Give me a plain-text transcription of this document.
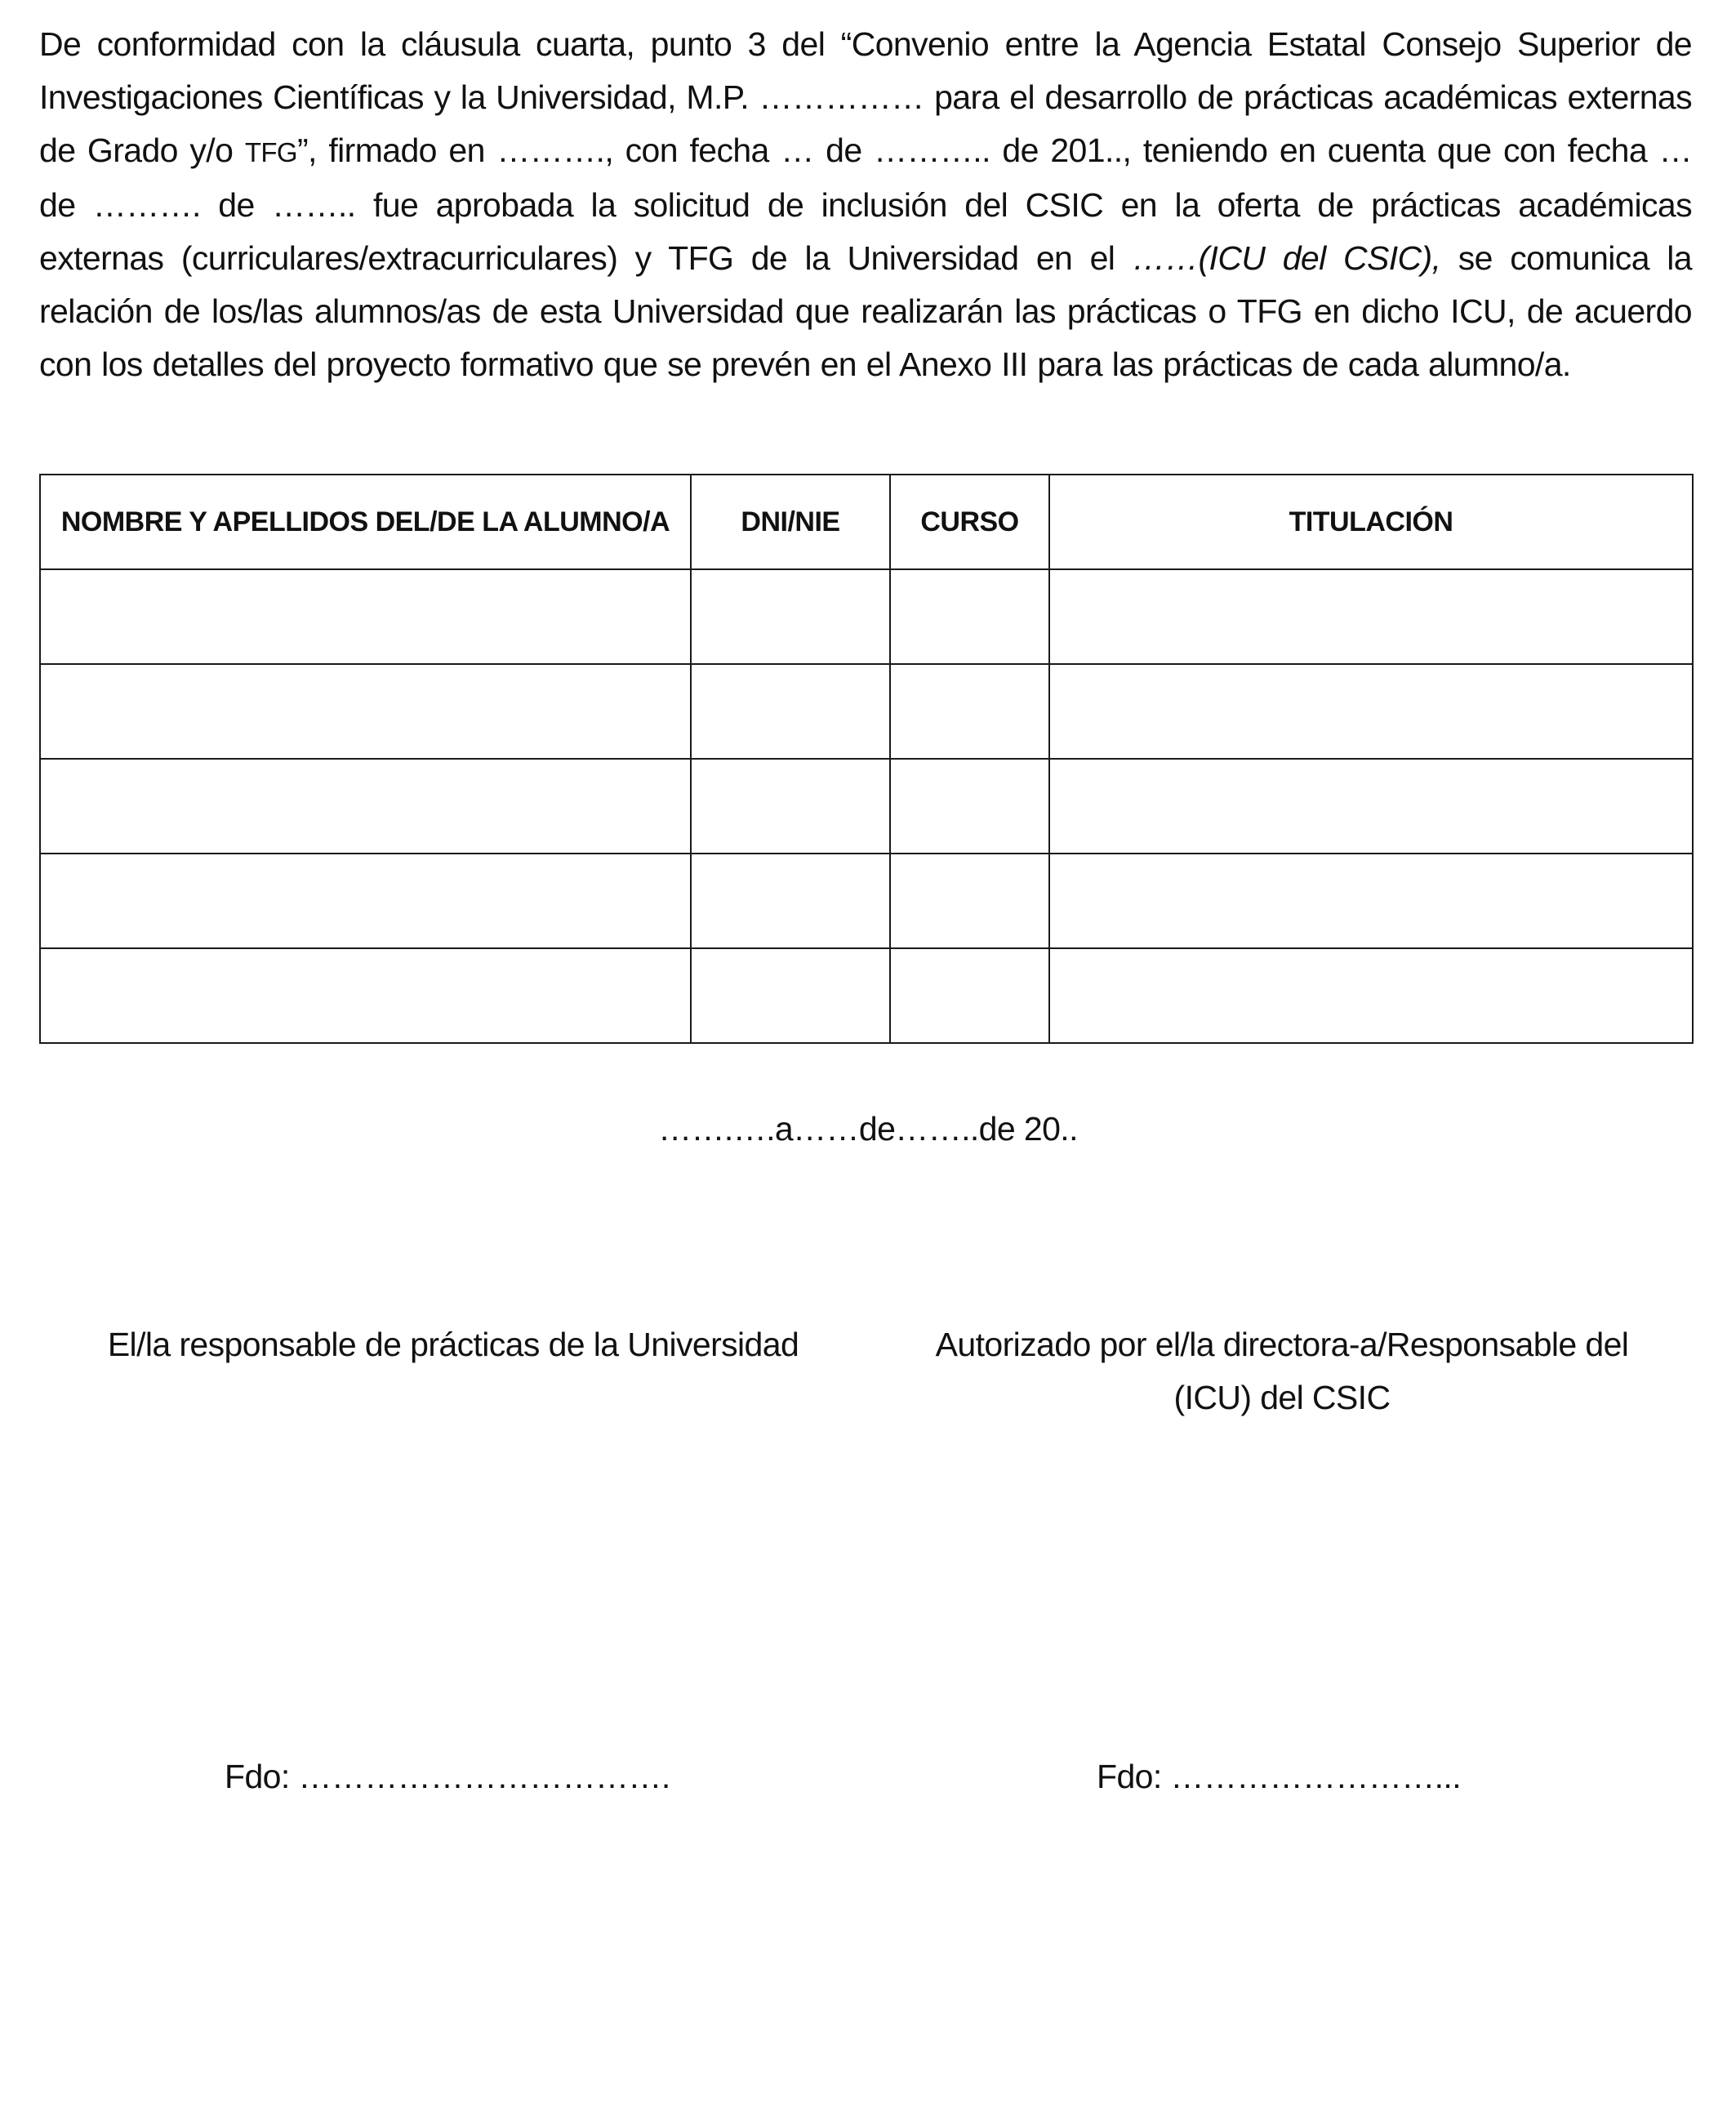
De conformidad con la cláusula cuarta, punto 3 del “Convenio entre la Agencia Estatal Consejo Superior de Investigaciones Científicas y la Universidad, M.P. …………… para el desarrollo de prácticas académicas externas de Grado y/o TFG”, firmado en ………., con fecha … de ……….. de 201.., teniendo en cuenta que con fecha … de ………. de …….. fue aprobada la solicitud de inclusión del CSIC en la oferta de prácticas académicas externas (curriculares/extracurriculares) y TFG de la Universidad en el ……(ICU del CSIC), se comunica la relación de los/las alumnos/as de esta Universidad que realizarán las prácticas o TFG en dicho ICU, de acuerdo con los detalles del proyecto formativo que se prevén en el Anexo III para las prácticas de cada alumno/a.

NOMBRE Y APELLIDOS DEL/DE LA ALUMNO/A	DNI/NIE	CURSO	TITULACIÓN

…….….a……de……..de 20..
El/la responsable de prácticas de la Universidad	Autorizado por el/la directora-a/Responsable del
(ICU) del CSIC
Fdo: …………………………….	Fdo: ……………………...
